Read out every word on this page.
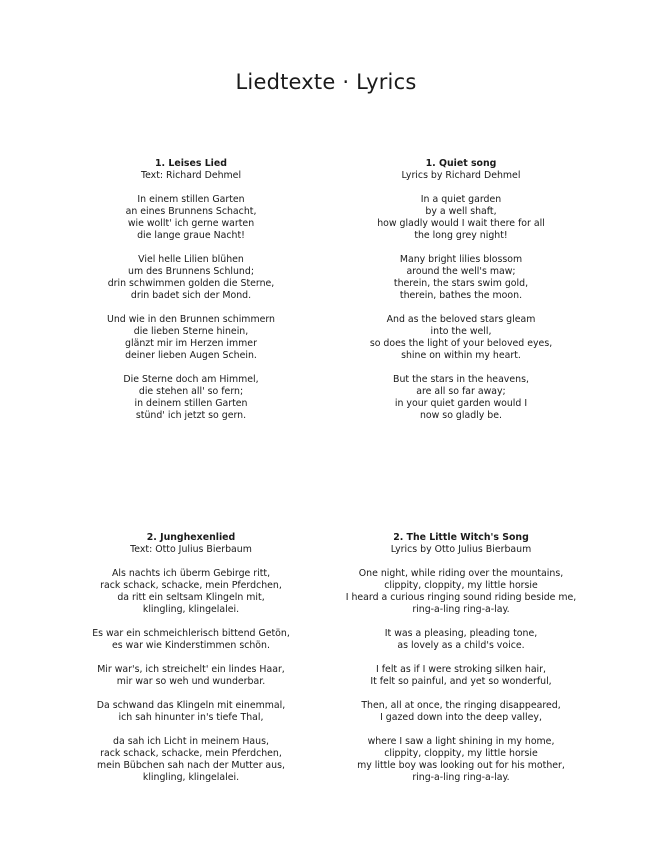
Liedtexte · Lyrics
1. Leises Lied
Text: Richard Dehmel
In einem stillen Garten
an eines Brunnens Schacht,
wie wollt' ich gerne warten
die lange graue Nacht!
Viel helle Lilien blühen
um des Brunnens Schlund;
drin schwimmen golden die Sterne,
drin badet sich der Mond.
Und wie in den Brunnen schimmern
die lieben Sterne hinein,
glänzt mir im Herzen immer
deiner lieben Augen Schein.
Die Sterne doch am Himmel,
die stehen all' so fern;
in deinem stillen Garten
stünd' ich jetzt so gern.
1. Quiet song
Lyrics by Richard Dehmel
In a quiet garden
by a well shaft,
how gladly would I wait there for all
the long grey night!
Many bright lilies blossom
around the well's maw;
therein, the stars swim gold,
therein, bathes the moon.
And as the beloved stars gleam
into the well,
so does the light of your beloved eyes,
shine on within my heart.
But the stars in the heavens,
are all so far away;
in your quiet garden would I
now so gladly be.
2. Junghexenlied
Text: Otto Julius Bierbaum
Als nachts ich überm Gebirge ritt,
rack schack, schacke, mein Pferdchen,
da ritt ein seltsam Klingeln mit,
klingling, klingelalei.
Es war ein schmeichlerisch bittend Getön,
es war wie Kinderstimmen schön.
Mir war's, ich streichelt' ein lindes Haar,
mir war so weh und wunderbar.
Da schwand das Klingeln mit einemmal,
ich sah hinunter in's tiefe Thal,
da sah ich Licht in meinem Haus,
rack schack, schacke, mein Pferdchen,
mein Bübchen sah nach der Mutter aus,
klingling, klingelalei.
2. The Little Witch's Song
Lyrics by Otto Julius Bierbaum
One night, while riding over the mountains,
clippity, cloppity, my little horsie
I heard a curious ringing sound riding beside me,
ring-a-ling ring-a-lay.
It was a pleasing, pleading tone,
as lovely as a child's voice.
I felt as if I were stroking silken hair,
It felt so painful, and yet so wonderful,
Then, all at once, the ringing disappeared,
I gazed down into the deep valley,
where I saw a light shining in my home,
clippity, cloppity, my little horsie
my little boy was looking out for his mother,
ring-a-ling ring-a-lay.
